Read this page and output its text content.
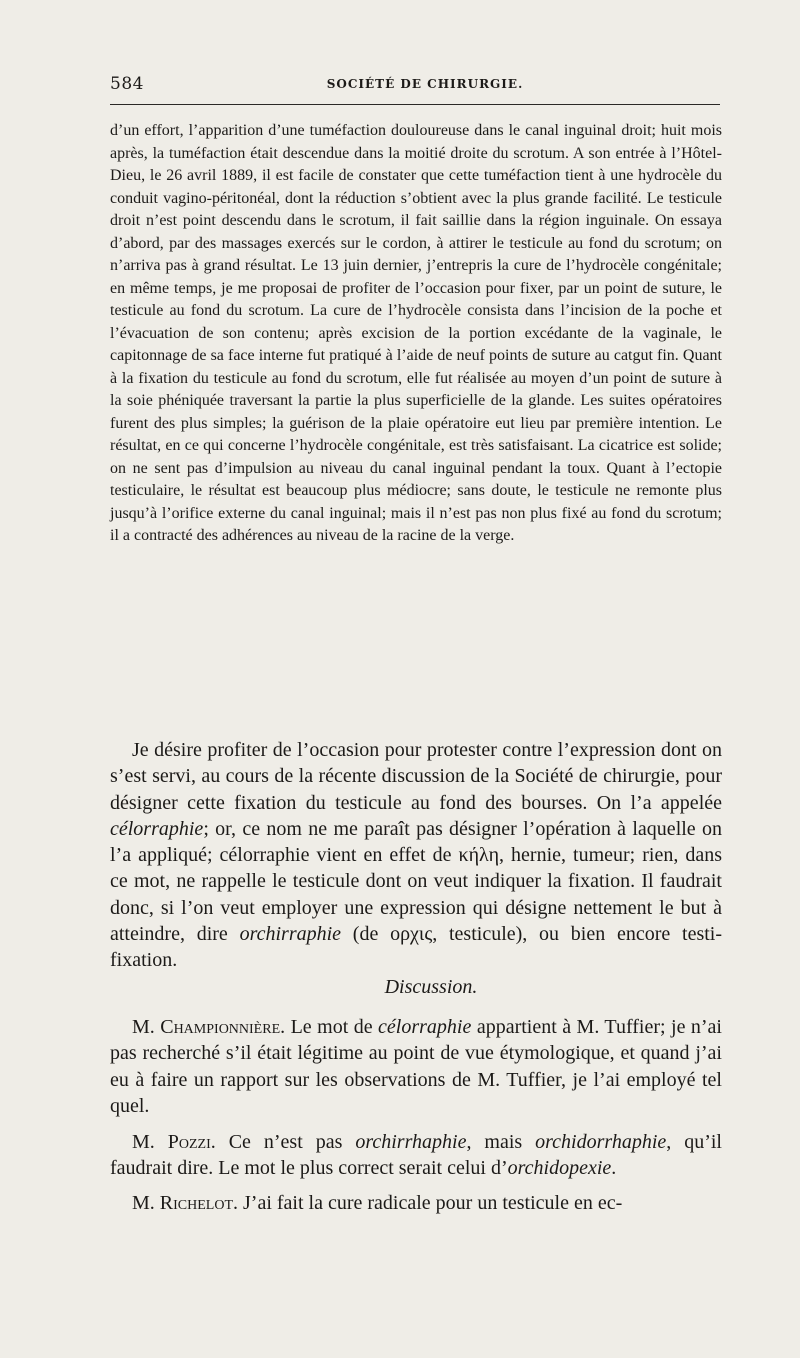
584	SOCIÉTÉ DE CHIRURGIE.

d’un effort, l’apparition d’une tuméfaction douloureuse dans le canal inguinal droit; huit mois après, la tuméfaction était descendue dans la moitié droite du scrotum. A son entrée à l’Hôtel-Dieu, le 26 avril 1889, il est facile de constater que cette tuméfaction tient à une hydrocèle du conduit vagino-péritonéal, dont la réduction s’obtient avec la plus grande facilité. Le testicule droit n’est point descendu dans le scrotum, il fait saillie dans la région inguinale. On essaya d’abord, par des massages exercés sur le cordon, à attirer le testicule au fond du scrotum; on n’arriva pas à grand résultat. Le 13 juin dernier, j’entrepris la cure de l’hydrocèle congénitale; en même temps, je me proposai de profiter de l’occasion pour fixer, par un point de suture, le testicule au fond du scrotum. La cure de l’hydrocèle consista dans l’incision de la poche et l’évacuation de son contenu; après excision de la portion excédante de la vaginale, le capitonnage de sa face interne fut pratiqué à l’aide de neuf points de suture au catgut fin. Quant à la fixation du testicule au fond du scrotum, elle fut réalisée au moyen d’un point de suture à la soie phéniquée traversant la partie la plus superficielle de la glande. Les suites opératoires furent des plus simples; la guérison de la plaie opératoire eut lieu par première intention. Le résultat, en ce qui concerne l’hydrocèle congénitale, est très satisfaisant. La cicatrice est solide; on ne sent pas d’impulsion au niveau du canal inguinal pendant la toux. Quant à l’ectopie testiculaire, le résultat est beaucoup plus médiocre; sans doute, le testicule ne remonte plus jusqu’à l’orifice externe du canal inguinal; mais il n’est pas non plus fixé au fond du scrotum; il a contracté des adhérences au niveau de la racine de la verge.

Je désire profiter de l’occasion pour protester contre l’expression dont on s’est servi, au cours de la récente discussion de la Société de chirurgie, pour désigner cette fixation du testicule au fond des bourses. On l’a appelée célorraphie; or, ce nom ne me paraît pas désigner l’opération à laquelle on l’a appliqué; célorraphie vient en effet de κήλη, hernie, tumeur; rien, dans ce mot, ne rappelle le testicule dont on veut indiquer la fixation. Il faudrait donc, si l’on veut employer une expression qui désigne nettement le but à atteindre, dire orchirraphie (de ορχις, testicule), ou bien encore testi-fixation.

Discussion.

M. Championnière. Le mot de célorraphie appartient à M. Tuffier; je n’ai pas recherché s’il était légitime au point de vue étymologique, et quand j’ai eu à faire un rapport sur les observations de M. Tuffier, je l’ai employé tel quel.

M. Pozzi. Ce n’est pas orchirrhaphie, mais orchidorrhaphie, qu’il faudrait dire. Le mot le plus correct serait celui d’orchidopexie.

M. Richelot. J’ai fait la cure radicale pour un testicule en ec-
